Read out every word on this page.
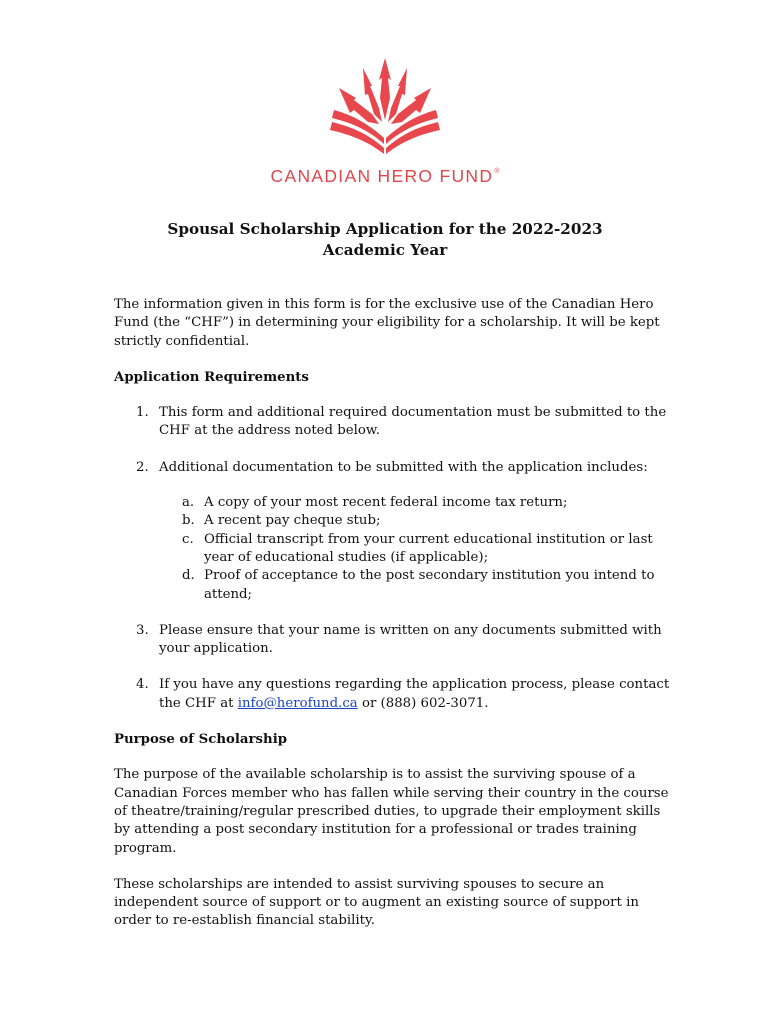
CANADIAN HERO FUND®
Spousal Scholarship Application for the 2022-2023
Academic Year

The information given in this form is for the exclusive use of the Canadian Hero Fund (the “CHF”) in determining your eligibility for a scholarship. It will be kept strictly confidential.

Application Requirements

1. This form and additional required documentation must be submitted to the CHF at the address noted below.
2. Additional documentation to be submitted with the application includes:
a. A copy of your most recent federal income tax return;
b. A recent pay cheque stub;
c. Official transcript from your current educational institution or last year of educational studies (if applicable);
d. Proof of acceptance to the post secondary institution you intend to attend;
3. Please ensure that your name is written on any documents submitted with your application.
4. If you have any questions regarding the application process, please contact the CHF at info@herofund.ca or (888) 602-3071.

Purpose of Scholarship

The purpose of the available scholarship is to assist the surviving spouse of a Canadian Forces member who has fallen while serving their country in the course of theatre/training/regular prescribed duties, to upgrade their employment skills by attending a post secondary institution for a professional or trades training program.

These scholarships are intended to assist surviving spouses to secure an independent source of support or to augment an existing source of support in order to re-establish financial stability.
